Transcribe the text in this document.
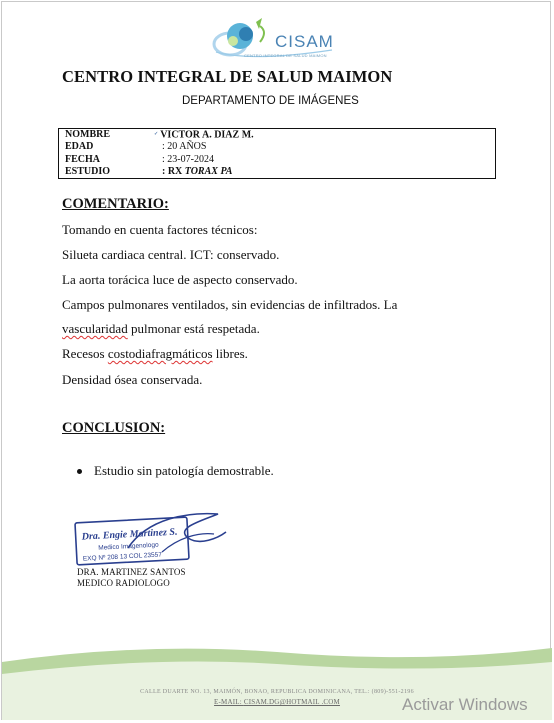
CISAM
CENTRO INTEGRAL DE SALUD MAIMON
CENTRO INTEGRAL DE SALUD MAIMON
DEPARTAMENTO DE IMÁGENES
NOMBRE	✓ VICTOR A. DIAZ M.
EDAD	: 20 AÑOS
FECHA	: 23-07-2024
ESTUDIO	: RX TORAX PA
COMENTARIO:
Tomando en cuenta factores técnicos:
Silueta cardiaca central. ICT: conservado.
La aorta torácica luce de aspecto conservado.
Campos pulmonares ventilados, sin evidencias de infiltrados. La
vascularidad pulmonar está respetada.
Recesos costodiafragmáticos libres.
Densidad ósea conservada.
CONCLUSION:
Estudio sin patología demostrable.
Dra. Engie Martinez S.
Medico Imagenologo
EXQ Nº 208 13 COL 23557
DRA. MARTINEZ SANTOS
MEDICO RADIOLOGO
CALLE DUARTE NO. 13, MAIMÓN, BONAO, REPUBLICA DOMINICANA, TEL.: (809)-551-2196
E-MAIL: CISAM.DG@HOTMAIL .COM	Activar Windows
